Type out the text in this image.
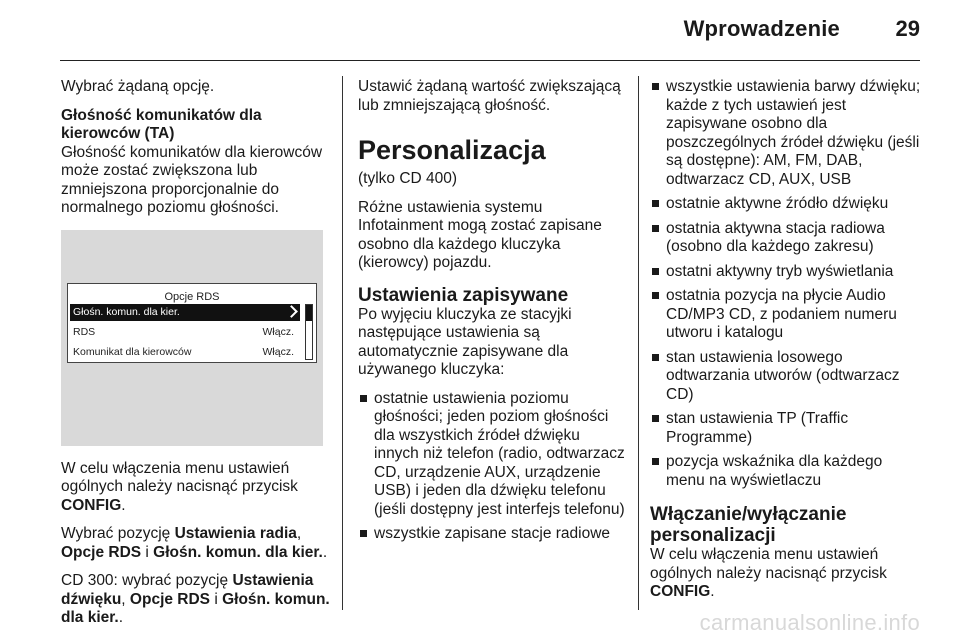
Wprowadzenie	29

Wybrać żądaną opcję.

Głośność komunikatów dla kierowców (TA)

Głośność komunikatów dla kierowców może zostać zwiększona lub zmniejszona proporcjonalnie do normalnego poziomu głośności.

Opcje RDS
Głośn. komun. dla kier.
RDS	Włącz.
Komunikat dla kierowców	Włącz.

W celu włączenia menu ustawień ogólnych należy nacisnąć przycisk CONFIG.

Wybrać pozycję Ustawienia radia, Opcje RDS i Głośn. komun. dla kier..

CD 300: wybrać pozycję Ustawienia dźwięku, Opcje RDS i Głośn. komun. dla kier..

Ustawić żądaną wartość zwiększającą lub zmniejszającą głośność.

Personalizacja

(tylko CD 400)

Różne ustawienia systemu Infotainment mogą zostać zapisane osobno dla każdego kluczyka (kierowcy) pojazdu.

Ustawienia zapisywane

Po wyjęciu kluczyka ze stacyjki następujące ustawienia są automatycznie zapisywane dla używanego kluczyka:

ostatnie ustawienia poziomu głośności; jeden poziom głośności dla wszystkich źródeł dźwięku innych niż telefon (radio, odtwarzacz CD, urządzenie AUX, urządzenie USB) i jeden dla dźwięku telefonu (jeśli dostępny jest interfejs telefonu)
wszystkie zapisane stacje radiowe
wszystkie ustawienia barwy dźwięku; każde z tych ustawień jest zapisywane osobno dla poszczególnych źródeł dźwięku (jeśli są dostępne): AM, FM, DAB, odtwarzacz CD, AUX, USB
ostatnie aktywne źródło dźwięku
ostatnia aktywna stacja radiowa (osobno dla każdego zakresu)
ostatni aktywny tryb wyświetlania
ostatnia pozycja na płycie Audio CD/MP3 CD, z podaniem numeru utworu i katalogu
stan ustawienia losowego odtwarzania utworów (odtwarzacz CD)
stan ustawienia TP (Traffic Programme)
pozycja wskaźnika dla każdego menu na wyświetlaczu
Włączanie/wyłączanie personalizacji

W celu włączenia menu ustawień ogólnych należy nacisnąć przycisk CONFIG.

carmanualsonline.info
